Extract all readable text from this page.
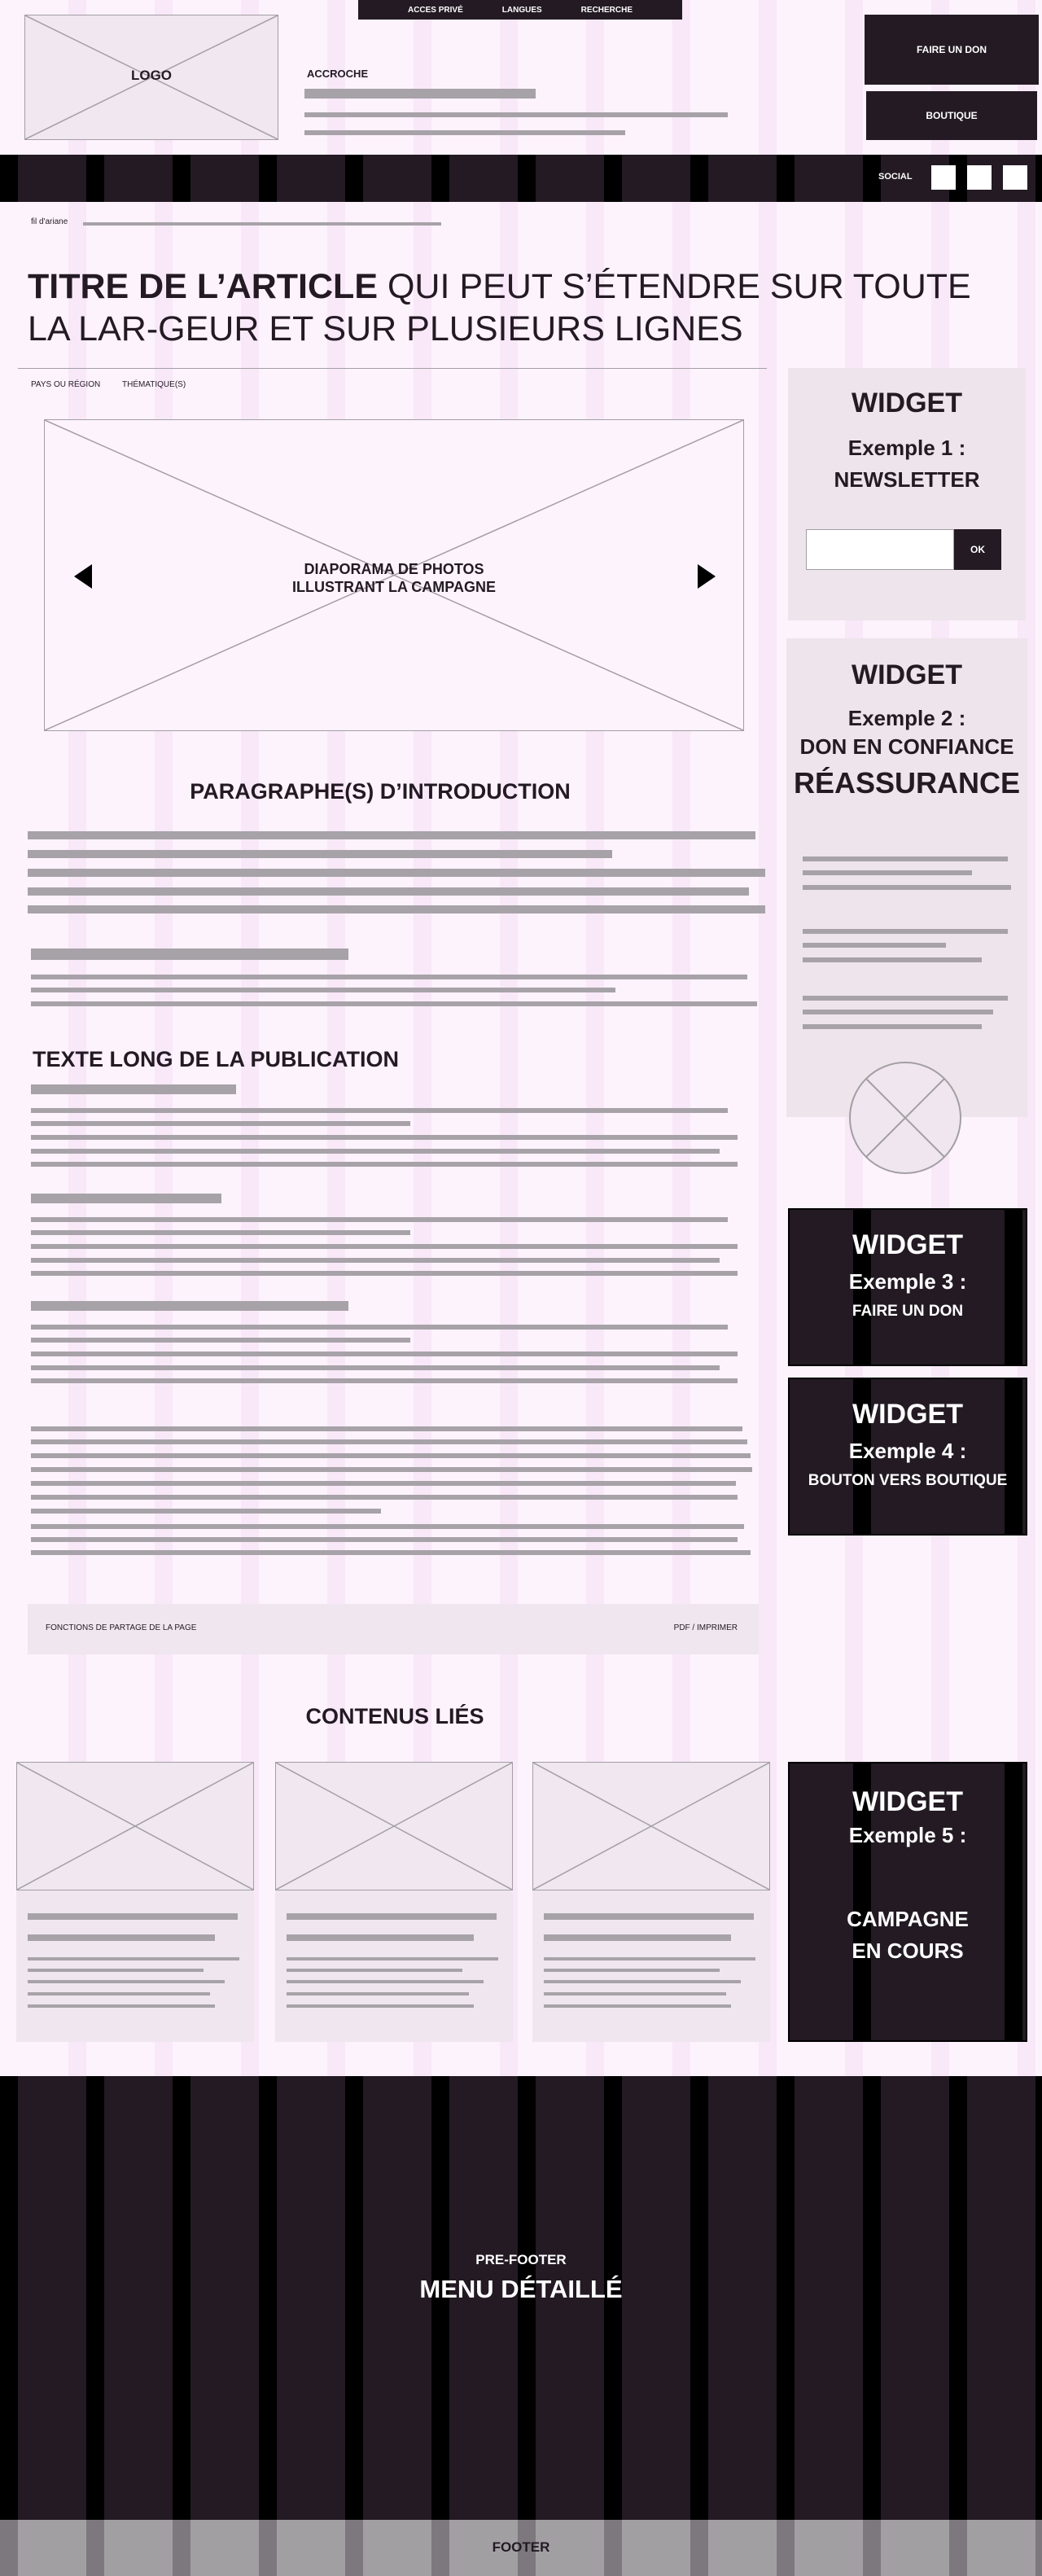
ACCES PRIVÉ	LANGUES	RECHERCHE
LOGO	ACCROCHE
FAIRE UN DON
BOUTIQUE
SOCIAL
fil d'ariane
TITRE DE L’ARTICLE QUI PEUT S’ÉTENDRE SUR TOUTE LA LAR-GEUR ET SUR PLUSIEURS LIGNES
PAYS OU RÉGION	THÉMATIQUE(S)
DIAPORAMA DE PHOTOS
ILLUSTRANT LA CAMPAGNE
PARAGRAPHE(S) D’INTRODUCTION
TEXTE LONG DE LA PUBLICATION
FONCTIONS DE PARTAGE DE LA PAGE	PDF / IMPRIMER
CONTENUS LIÉS
WIDGET
Exemple 1 :
NEWSLETTER
OK
WIDGET
Exemple 2 :
DON EN CONFIANCE
RÉASSURANCE
WIDGET
Exemple 3 :
FAIRE UN DON
WIDGET
Exemple 4 :
BOUTON VERS BOUTIQUE
WIDGET
Exemple 5 :
CAMPAGNE
EN COURS
PRE-FOOTER
MENU DÉTAILLÉ
FOOTER
